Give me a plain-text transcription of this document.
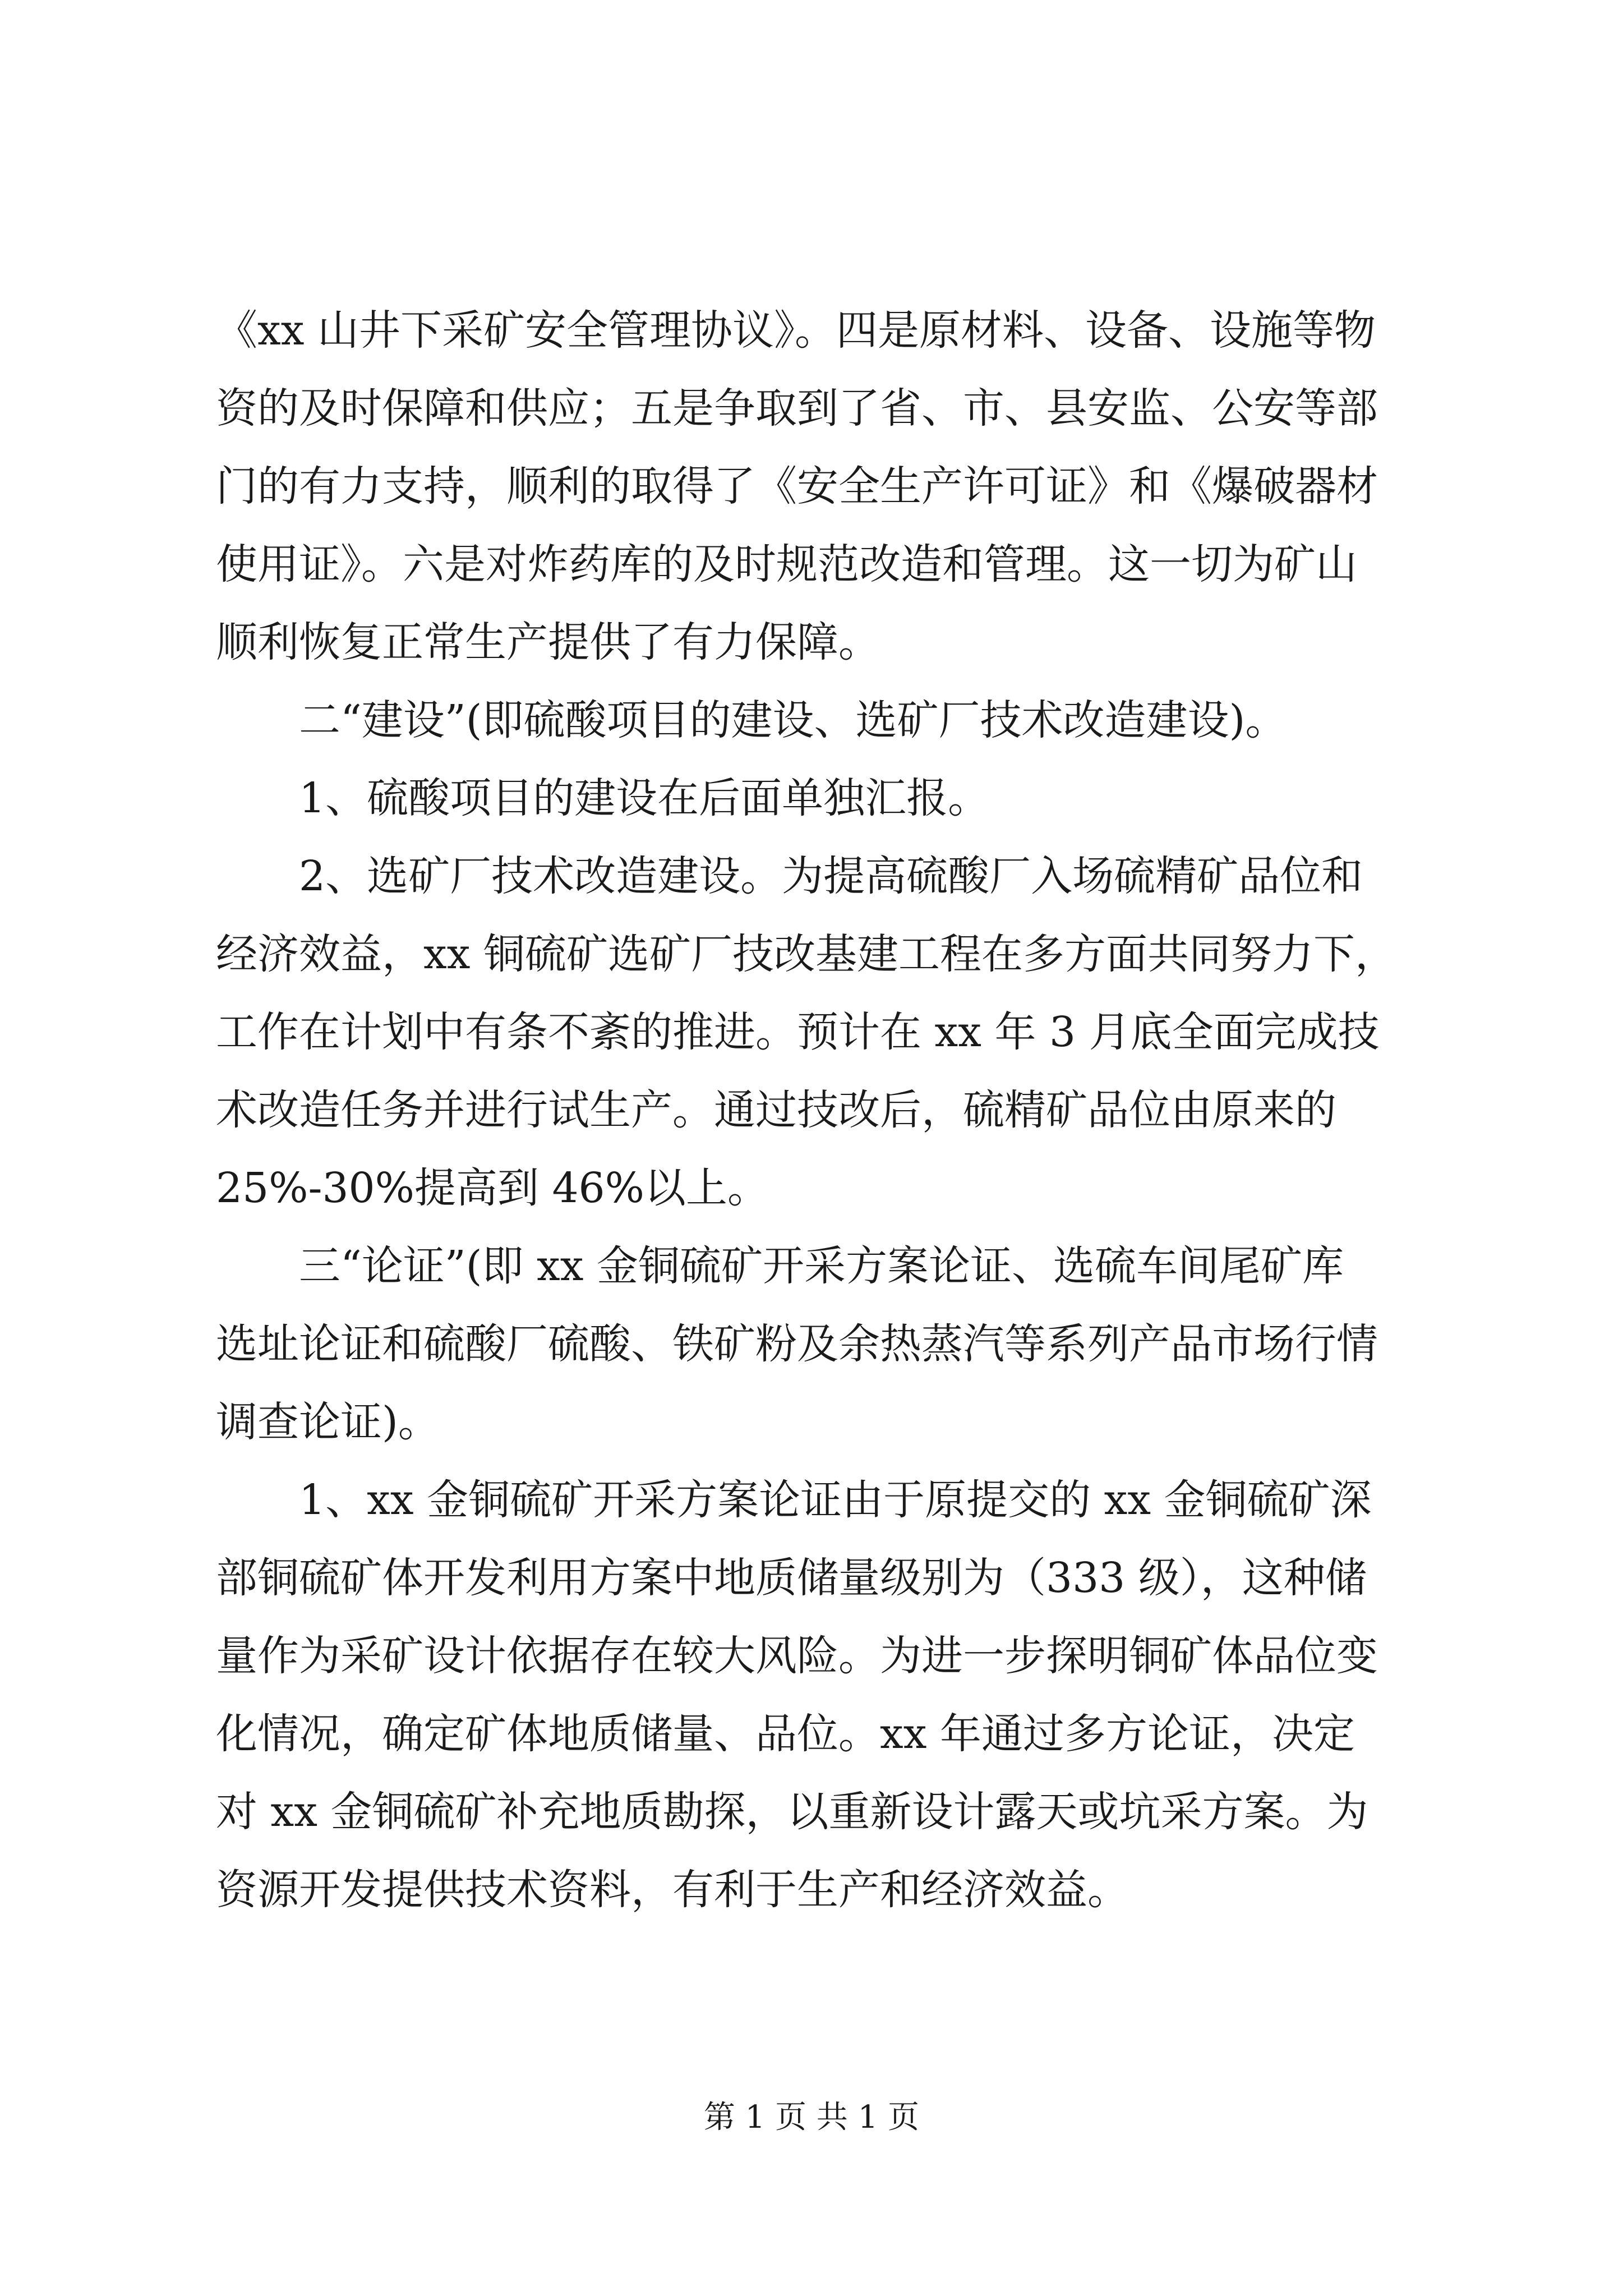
《xx 山井下采矿安全管理协议》。四是原材料、设备、设施等物

资的及时保障和供应；五是争取到了省、市、县安监、公安等部

门的有力支持，顺利的取得了《安全生产许可证》和《爆破器材

使用证》。六是对炸药库的及时规范改造和管理。这一切为矿山

顺利恢复正常生产提供了有力保障。

　　二“建设”(即硫酸项目的建设、选矿厂技术改造建设)。

　　1、硫酸项目的建设在后面单独汇报。

　　2、选矿厂技术改造建设。为提高硫酸厂入场硫精矿品位和

经济效益，xx 铜硫矿选矿厂技改基建工程在多方面共同努力下，

工作在计划中有条不紊的推进。预计在 xx 年 3 月底全面完成技

术改造任务并进行试生产。通过技改后，硫精矿品位由原来的

25%-30%提高到 46%以上。

　　三“论证”(即 xx 金铜硫矿开采方案论证、选硫车间尾矿库

选址论证和硫酸厂硫酸、铁矿粉及余热蒸汽等系列产品市场行情

调查论证)。

　　1、xx 金铜硫矿开采方案论证由于原提交的 xx 金铜硫矿深

部铜硫矿体开发利用方案中地质储量级别为（333 级），这种储

量作为采矿设计依据存在较大风险。为进一步探明铜矿体品位变

化情况，确定矿体地质储量、品位。xx 年通过多方论证，决定

对 xx 金铜硫矿补充地质勘探，以重新设计露天或坑采方案。为

资源开发提供技术资料，有利于生产和经济效益。

第 1 页 共 1 页
